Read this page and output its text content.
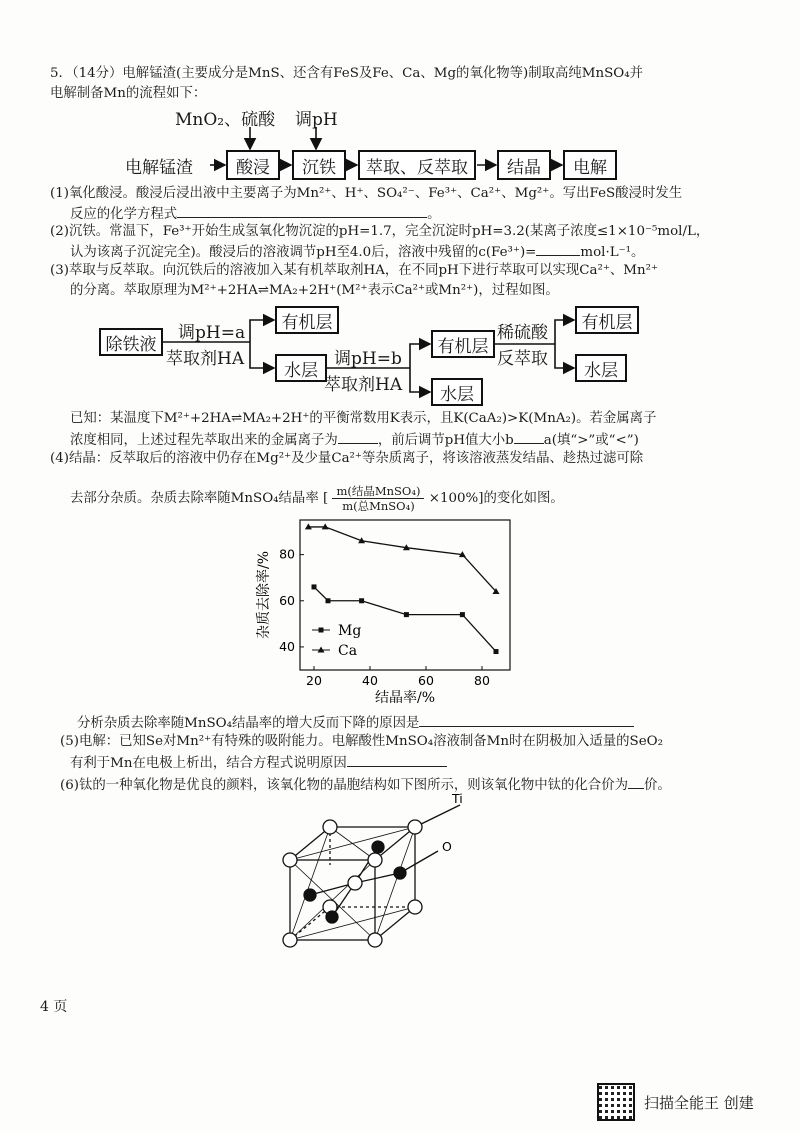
5．（14分）电解锰渣(主要成分是MnS、还含有FeS及Fe、Ca、Mg的氧化物等)制取高纯MnSO₄并
电解制备Mn的流程如下：
MnO₂、硫酸 调pH
电解锰渣	酸浸	沉铁	萃取、反萃取	结晶	电解
(1)氧化酸浸。酸浸后浸出液中主要离子为Mn²⁺、H⁺、SO₄²⁻、Fe³⁺、Ca²⁺、Mg²⁺。写出FeS酸浸时发生
反应的化学方程式	。
(2)沉铁。常温下，Fe³⁺开始生成氢氧化物沉淀的pH=1.7，完全沉淀时pH=3.2(某离子浓度≤1×10⁻⁵mol/L，
认为该离子沉淀完全)。酸浸后的溶液调节pH至4.0后，溶液中残留的c(Fe³⁺)=	mol·L⁻¹。
(3)萃取与反萃取。向沉铁后的溶液加入某有机萃取剂HA，在不同pH下进行萃取可以实现Ca²⁺、Mn²⁺
的分离。萃取原理为M²⁺+2HA⇌MA₂+2H⁺(M²⁺表示Ca²⁺或Mn²⁺)，过程如图。
除铁液
调pH=a
萃取剂HA
有机层
水层
调pH=b
萃取剂HA
有机层
水层
稀硫酸
反萃取
有机层
水层
已知：某温度下M²⁺+2HA⇌MA₂+2H⁺的平衡常数用K表示，且K(CaA₂)>K(MnA₂)。若金属离子
浓度相同，上述过程先萃取出来的金属离子为	，前后调节pH值大小b a(填“>”或“<”)
(4)结晶：反萃取后的溶液中仍存在Mg²⁺及少量Ca²⁺等杂质离子，将该溶液蒸发结晶、趁热过滤可除
去部分杂质。杂质去除率随MnSO₄结晶率 [ $\frac{\text{m(结晶MnSO₄)}}{\text{m(总MnSO₄)}} \times 100\%$]的变化如图。
20	40	60	80
40
60
80
结晶率/%
杂质去除率/%	Mg
Ca
分析杂质去除率随MnSO₄结晶率的增大反而下降的原因是
(5)电解：已知Se对Mn²⁺有特殊的吸附能力。电解酸性MnSO₄溶液制备Mn时在阴极加入适量的SeO₂
有利于Mn在电极上析出，结合方程式说明原因
(6)钛的一种氧化物是优良的颜料，该氧化物的晶胞结构如下图所示，则该氧化物中钛的化合价为 价。
Ti
O
4 页
扫描全能王 创建
